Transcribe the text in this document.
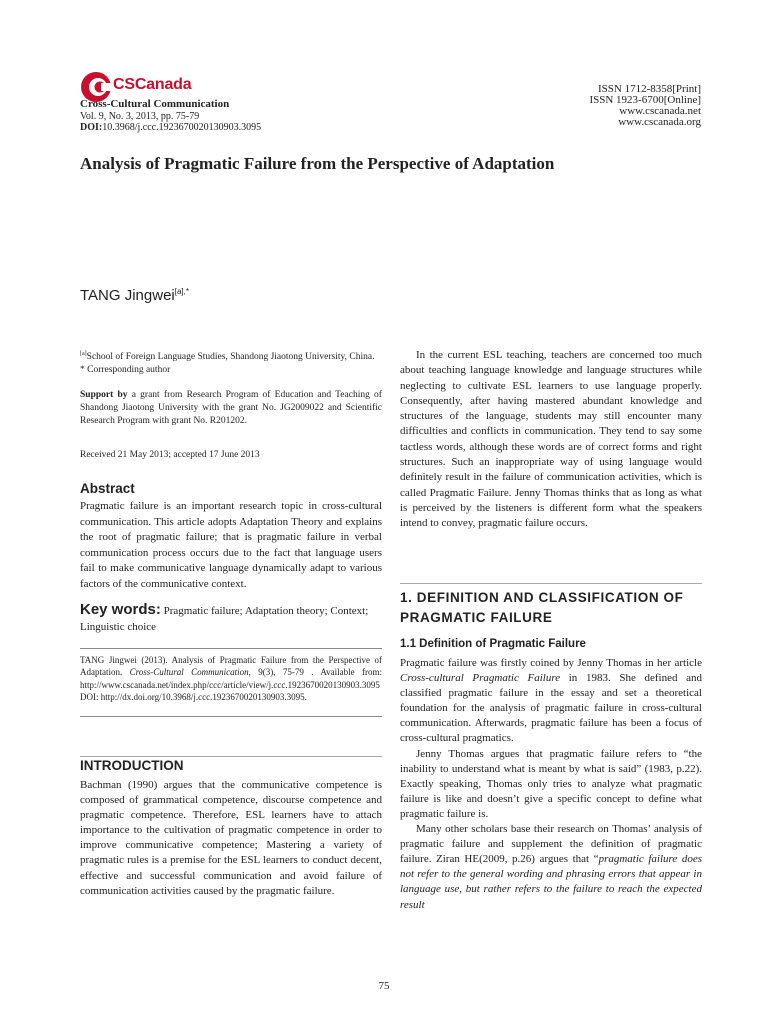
CSCanada
Cross-Cultural Communication
Vol. 9, No. 3, 2013, pp. 75-79
DOI:10.3968/j.ccc.1923670020130903.3095
ISSN 1712-8358[Print]
ISSN 1923-6700[Online]
www.cscanada.net
www.cscanada.org
Analysis of Pragmatic Failure from the Perspective of Adaptation
TANG Jingwei$^{[a],*}$
[a]School of Foreign Language Studies, Shandong Jiaotong University, China.
* Corresponding author
Support by a grant from Research Program of Education and Teaching of Shandong Jiaotong University with the grant No. JG2009022 and Scientific Research Program with grant No. R201202.
Received 21 May 2013; accepted 17 June 2013
Abstract
Pragmatic failure is an important research topic in cross-cultural communication. This article adopts Adaptation Theory and explains the root of pragmatic failure; that is pragmatic failure in verbal communication process occurs due to the fact that language users fail to make communicative language dynamically adapt to various factors of the communicative context.
Key words: Pragmatic failure; Adaptation theory; Context; Linguistic choice
TANG Jingwei (2013). Analysis of Pragmatic Failure from the Perspective of Adaptation. Cross-Cultural Communication, 9(3), 75-79 . Available from: http://www.cscanada.net/index.php/ccc/article/view/j.ccc.1923670020130903.3095 DOI: http://dx.doi.org/10.3968/j.ccc.1923670020130903.3095.
INTRODUCTION
Bachman (1990) argues that the communicative competence is composed of grammatical competence, discourse competence and pragmatic competence. Therefore, ESL learners have to attach importance to the cultivation of pragmatic competence in order to improve communicative competence; Mastering a variety of pragmatic rules is a premise for the ESL learners to conduct decent, effective and successful communication and avoid failure of communication activities caused by the pragmatic failure.
In the current ESL teaching, teachers are concerned too much about teaching language knowledge and language structures while neglecting to cultivate ESL learners to use language properly. Consequently, after having mastered abundant knowledge and structures of the language, students may still encounter many difficulties and conflicts in communication. They tend to say some tactless words, although these words are of correct forms and right structures. Such an inappropriate way of using language would definitely result in the failure of communication activities, which is called Pragmatic Failure. Jenny Thomas thinks that as long as what is perceived by the listeners is different form what the speakers intend to convey, pragmatic failure occurs.
1. DEFINITION AND CLASSIFICATION OF PRAGMATIC FAILURE
1.1 Definition of Pragmatic Failure

Pragmatic failure was firstly coined by Jenny Thomas in her article Cross-cultural Pragmatic Failure in 1983. She defined and classified pragmatic failure in the essay and set a theoretical foundation for the analysis of pragmatic failure in cross-cultural communication. Afterwards, pragmatic failure has been a focus of cross-cultural pragmatics.

Jenny Thomas argues that pragmatic failure refers to “the inability to understand what is meant by what is said” (1983, p.22). Exactly speaking, Thomas only tries to analyze what pragmatic failure is like and doesn’t give a specific concept to define what pragmatic failure is.

Many other scholars base their research on Thomas’ analysis of pragmatic failure and supplement the definition of pragmatic failure. Ziran HE(2009, p.26) argues that “pragmatic failure does not refer to the general wording and phrasing errors that appear in language use, but rather refers to the failure to reach the expected result

75
